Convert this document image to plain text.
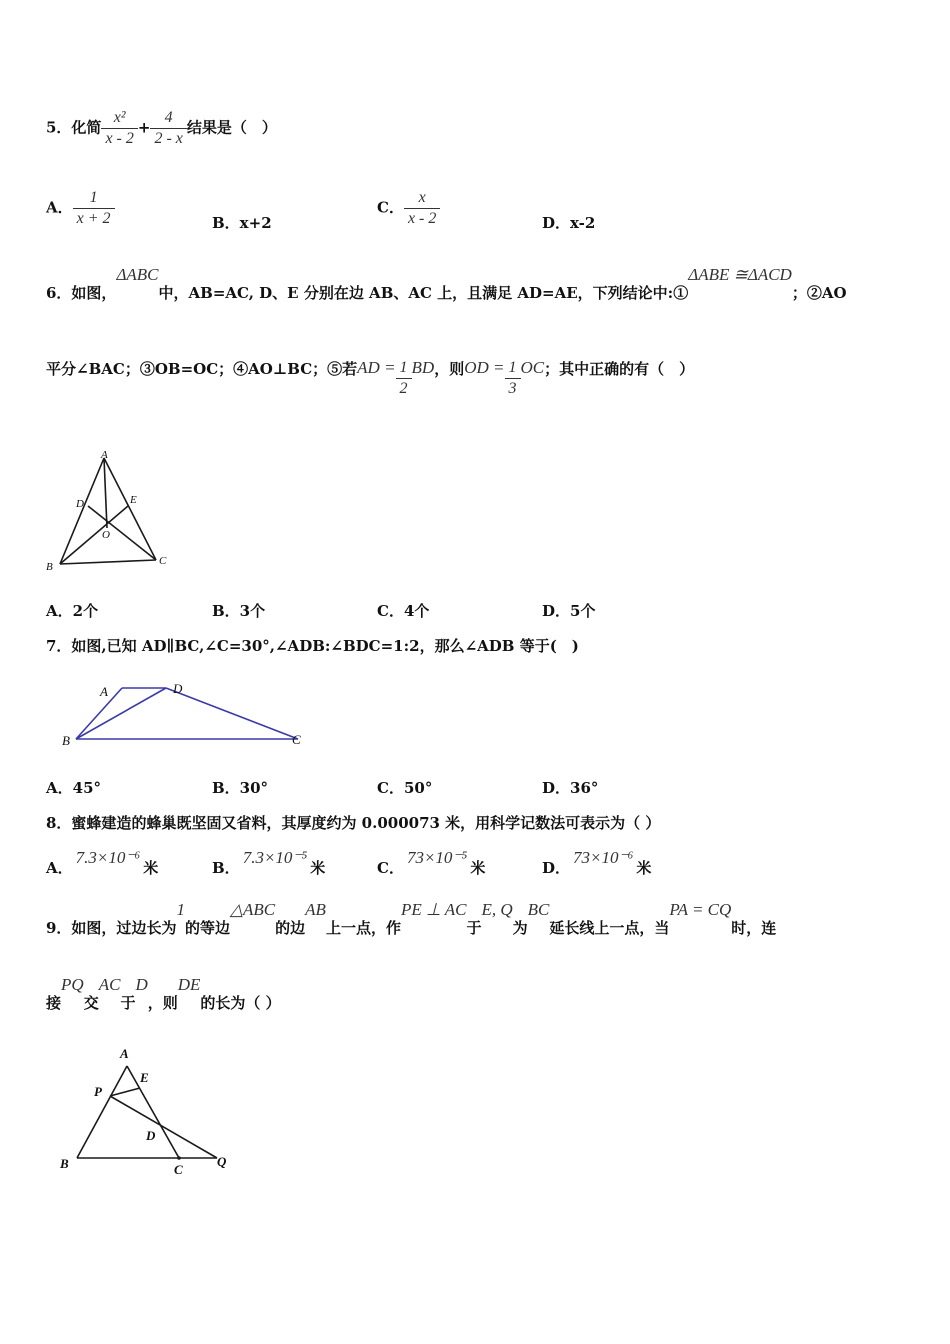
5．化简 $\frac{\text{x²}}{x - 2} + \frac{4}{2 - x}$ 结果是（　）
A． $\frac{1}{x + 2}$	B．x+2
C． $\frac{x}{x - 2}$	D．x-2
6．如图，ΔABC中，AB=AC, D、E 分别在边 AB、AC 上，且满足 AD=AE，下列结论中:①ΔABE ≅ΔACD；②AO
平分∠BAC；③OB=OC；④AO⊥BC；⑤若AD = $\frac{1}{2}$ BD，则OD = $\frac{1}{3}$ OC；其中正确的有（　）
A
B	C
D	E
O
A．2个	B．3个	C．4个	D．5个
7．如图,已知 AD∥BC,∠C=30°,∠ADB:∠BDC=1:2，那么∠ADB 等于(　)
A	D
B	C
A．45°	B．30°	C．50°	D．36°
8．蜜蜂建造的蜂巢既坚固又省料，其厚度约为 0.000073 米，用科学记数法可表示为（ ）
A．7.3×10⁻⁶米	B．7.3×10⁻⁵米	C．73×10⁻⁵米	D．73×10⁻⁶米
9．如图，过边长为1的等边△ABC的边AB上一点，作PE ⊥ AC于E, Q为BC延长线上一点，当PA = CQ时，连
接PQ交AC于D，则DE的长为（ ）
A
E
P
D
B	C
Q
